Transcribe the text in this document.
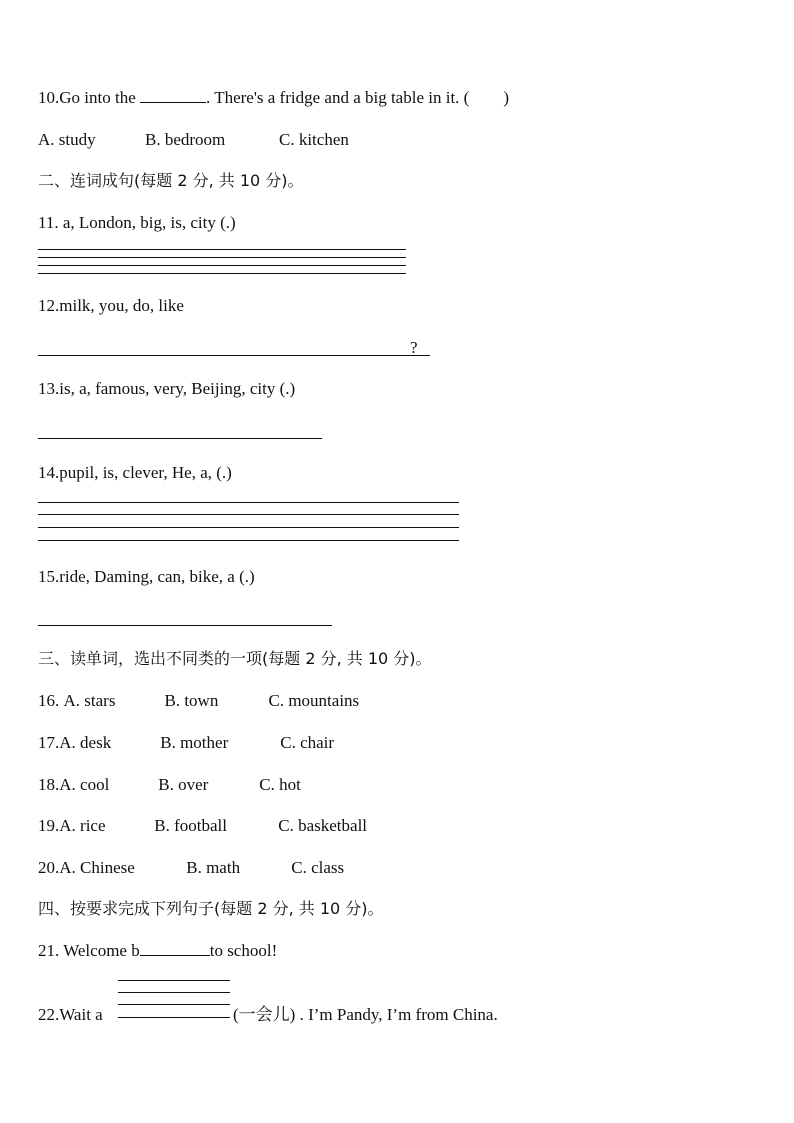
10.Go into the	. There's a fridge and a big table in it. ( )
A. study	B. bedroom	C. kitchen
二、连词成句(每题 2 分, 共 10 分)。
11. a, London, big, is, city (.)
12.milk, you, do, like
?
13.is, a, famous, very, Beijing, city (.)
14.pupil, is, clever, He, a, (.)
15.ride, Daming, can, bike, a (.)
三、读单词，选出不同类的一项(每题 2 分, 共 10 分)。
16. A. stars	B. town	C. mountains
17.A. desk	B. mother	C. chair
18.A. cool	B. over	C. hot
19.A. rice	B. football	C. basketball
20.A. Chinese	B. math	C. class
四、按要求完成下列句子(每题 2 分, 共 10 分)。
21. Welcome b	to school!
22.Wait a	(一会儿) . I’m Pandy, I’m from China.
